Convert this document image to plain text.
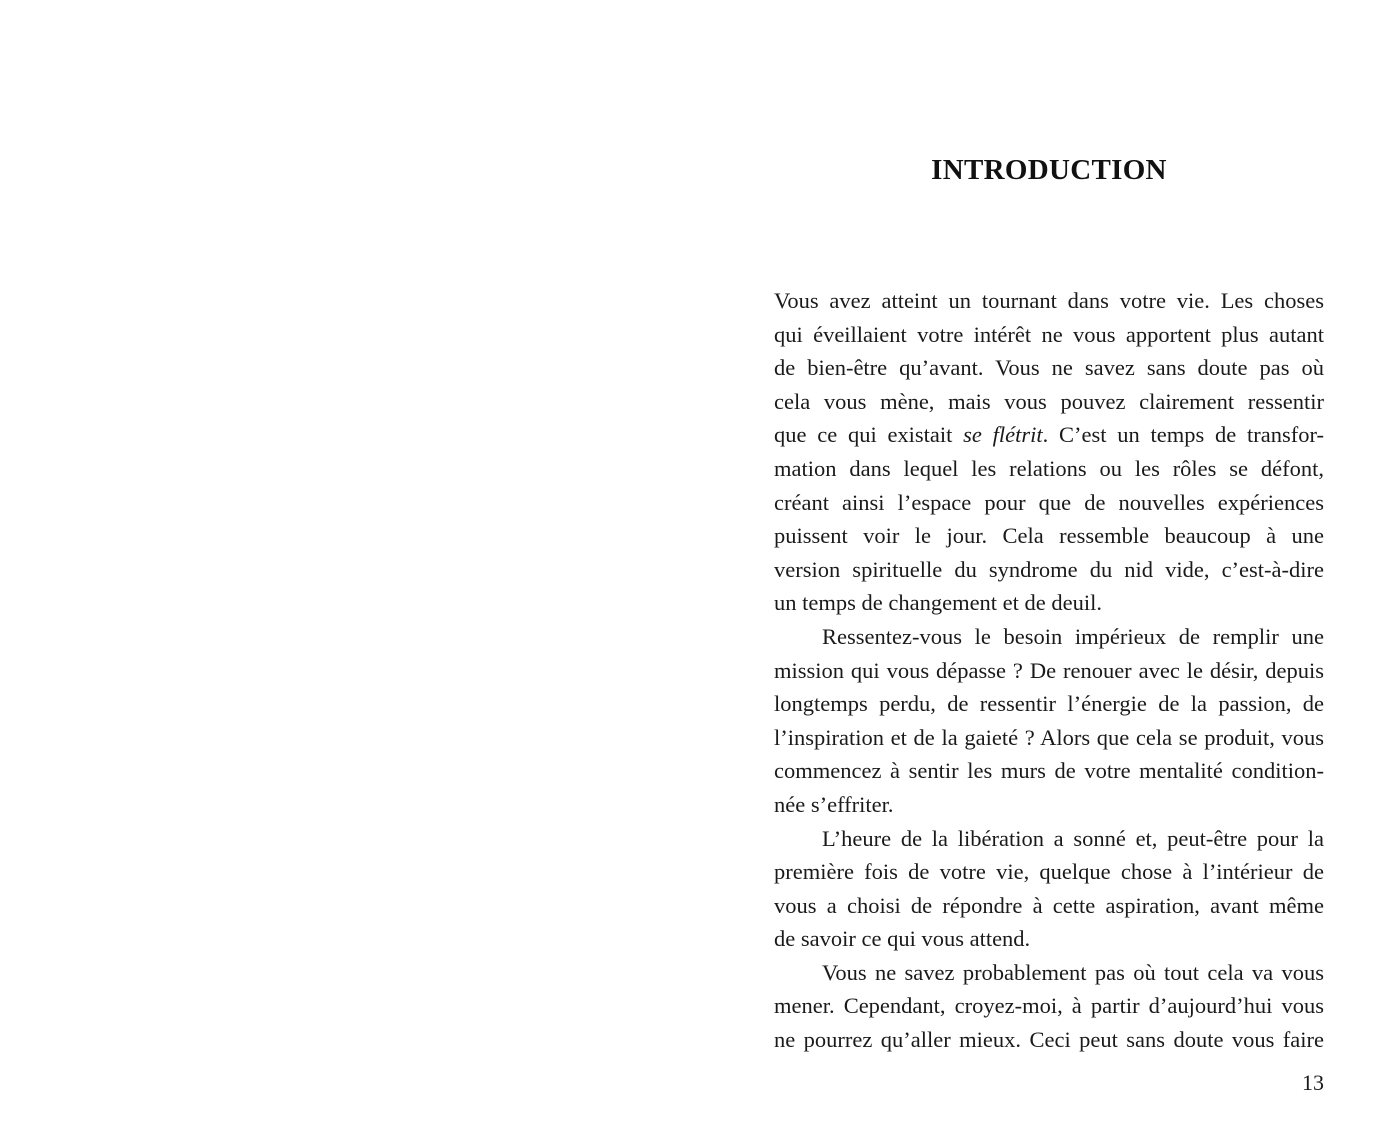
INTRODUCTION
Vous avez atteint un tournant dans votre vie. Les choses
qui éveillaient votre intérêt ne vous apportent plus autant
de bien-être qu’avant. Vous ne savez sans doute pas où
cela vous mène, mais vous pouvez clairement ressentir
que ce qui existait se flétrit. C’est un temps de transfor-
mation dans lequel les relations ou les rôles se défont,
créant ainsi l’espace pour que de nouvelles expériences
puissent voir le jour. Cela ressemble beaucoup à une
version spirituelle du syndrome du nid vide, c’est-à-dire
un temps de changement et de deuil.
Ressentez-vous le besoin impérieux de remplir une
mission qui vous dépasse ? De renouer avec le désir, depuis
longtemps perdu, de ressentir l’énergie de la passion, de
l’inspiration et de la gaieté ? Alors que cela se produit, vous
commencez à sentir les murs de votre mentalité condition-
née s’effriter.
L’heure de la libération a sonné et, peut-être pour la
première fois de votre vie, quelque chose à l’intérieur de
vous a choisi de répondre à cette aspiration, avant même
de savoir ce qui vous attend.
Vous ne savez probablement pas où tout cela va vous
mener. Cependant, croyez-moi, à partir d’aujourd’hui vous
ne pourrez qu’aller mieux. Ceci peut sans doute vous faire
13
